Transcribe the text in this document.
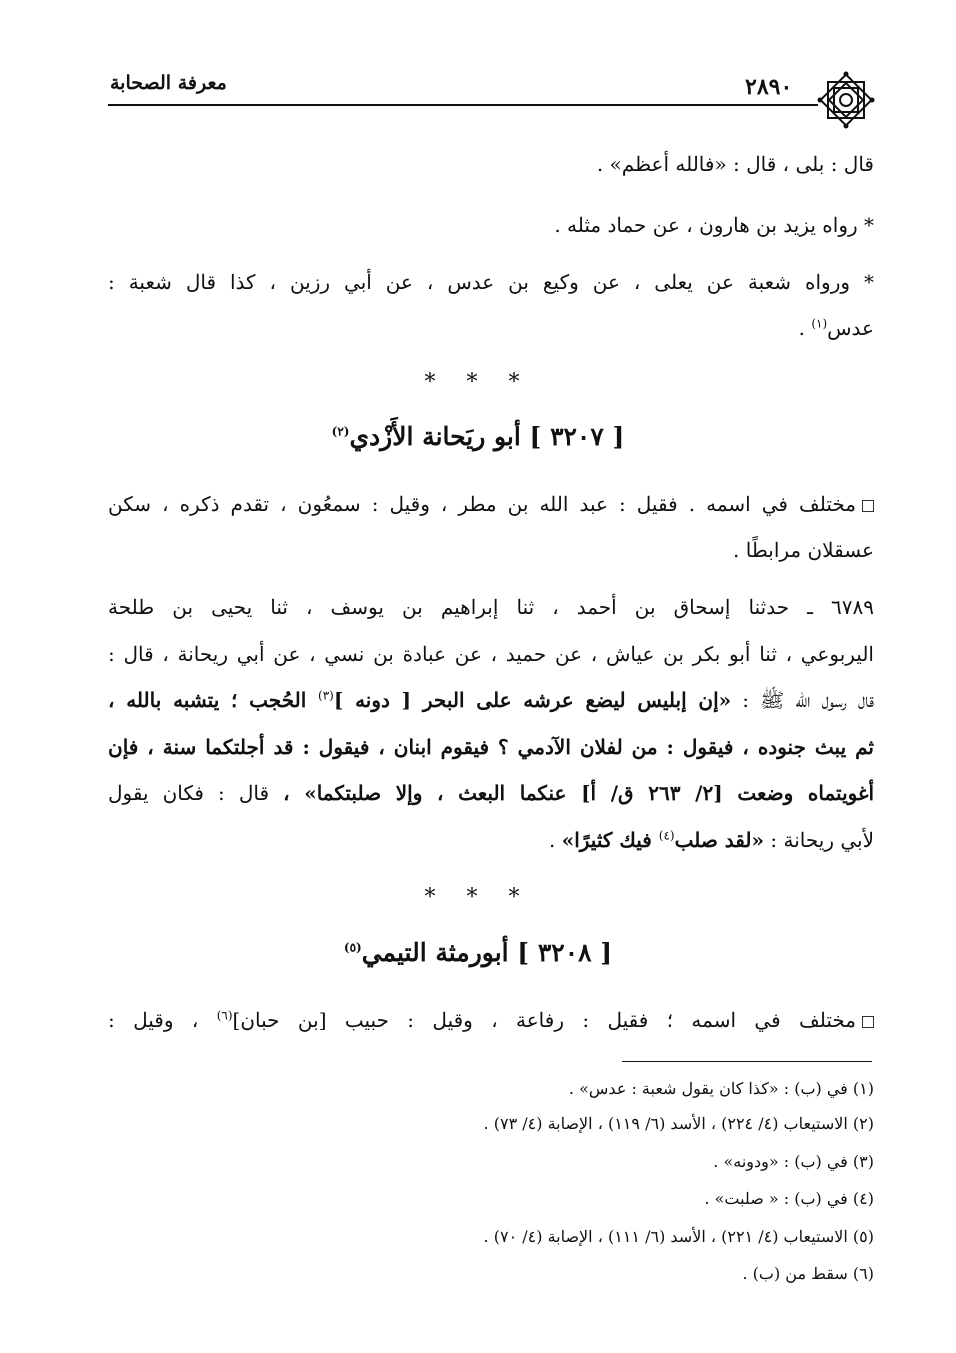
معرفة الصحابة	٢٨٩٠
قال : بلى ، قال : «فالله أعظم» .
* رواه يزيد بن هارون ، عن حماد مثله .
* ورواه شعبة عن يعلى ، عن وكيع بن عدس ، عن أبي رزين ، كذا قال شعبة :
عدس$^{(١)}$ .
* * *
[ ٣٢٠٧ ] أبو ريَحانة الأَزْدي$^{(٢)}$
مختلف في اسمه . فقيل : عبد الله بن مطر ، وقيل : سمعُون ، تقدم ذكره ، سكن
عسقلان مرابطًا .
٦٧٨٩ ـ حدثنا إسحاق بن أحمد ، ثنا إبراهيم بن يوسف ، ثنا يحيى بن طلحة
اليربوعي ، ثنا أبو بكر بن عياش ، عن حميد ، عن عبادة بن نسي ، عن أبي ريحانة ، قال :
قال رسول الله ﷺ : «إن إبليس ليضع عرشه على البحر [ دونه ]$^{(٣)}$ الحُجب ؛ يتشبه بالله ،
ثم يبث جنوده ، فيقول : من لفلان الآدمي ؟ فيقوم ابنان ، فيقول : قد أجلتكما سنة ، فإن
أغويتماه وضعت [٢/ ٢٦٣ ق/ أ] عنكما البعث ، وإلا صلبتكما» ، قال : فكان يقول
لأبي ريحانة : «لقد صلب$^{(٤)}$ فيك كثيرًا» .
* * *
[ ٣٢٠٨ ] أبورمثة التيمي$^{(٥)}$
مختلف في اسمه ؛ فقيل : رفاعة ، وقيل : حبيب [بن حبان]$^{(٦)}$ ، وقيل :
(١) في (ب) : «كذا كان يقول شعبة : عدس» .
(٢) الاستيعاب (٤/ ٢٢٤) ، الأسد (٦/ ١١٩) ، الإصابة (٤/ ٧٣) .
(٣) في (ب) : «ودونه» .
(٤) في (ب) : « صلبت» .
(٥) الاستيعاب (٤/ ٢٢١) ، الأسد (٦/ ١١١) ، الإصابة (٤/ ٧٠) .
(٦) سقط من (ب) .
